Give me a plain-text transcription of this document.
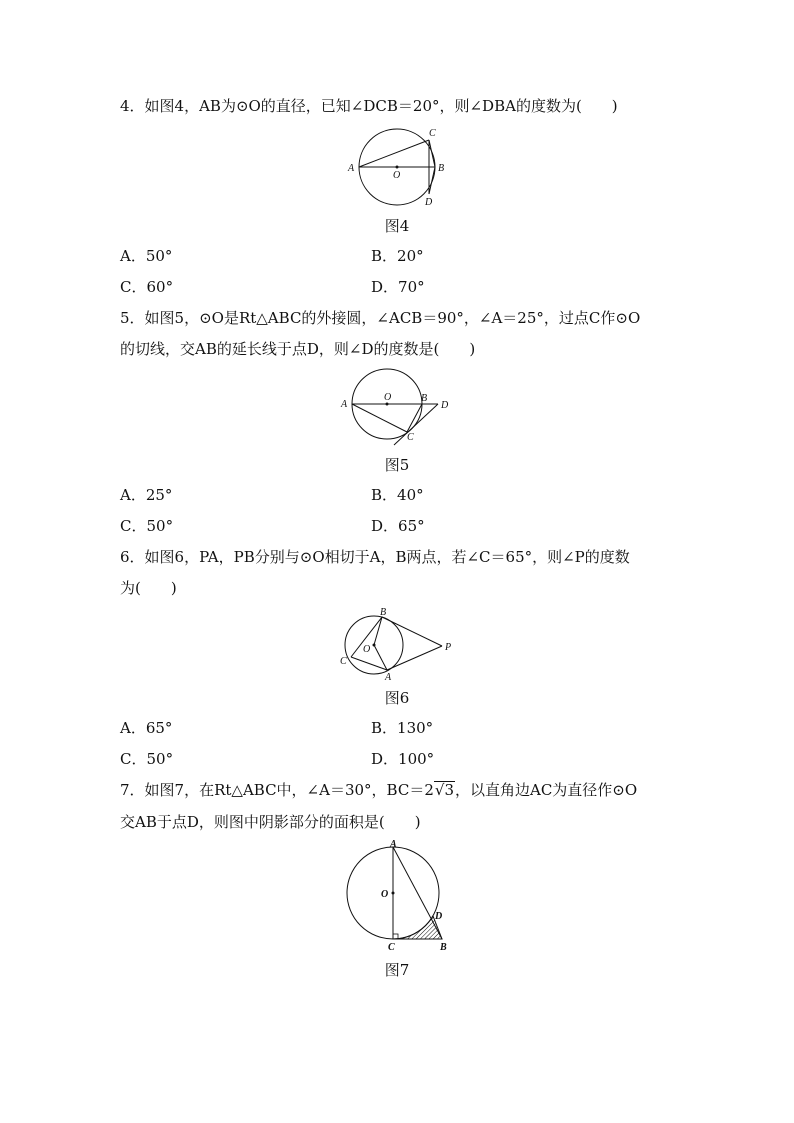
4．如图4，AB为⊙O的直径，已知∠DCB＝20°，则∠DBA的度数为(　　)
A
O
C
B
D
图4
A．50°	B．20°
C．60°	D．70°
5．如图5，⊙O是Rt△ABC的外接圆，∠ACB＝90°，∠A＝25°，过点C作⊙O
的切线，交AB的延长线于点D，则∠D的度数是(　　)
A
O	B
D
C
图5
A．25°	B．40°
C．50°	D．65°
6．如图6，PA，PB分别与⊙O相切于A，B两点，若∠C＝65°，则∠P的度数
为(　　)
B
C
O
A
P
图6
A．65°	B．130°
C．50°	D．100°
7．如图7，在Rt△ABC中，∠A＝30°，BC＝2√3，以直角边AC为直径作⊙O
交AB于点D，则图中阴影部分的面积是(　　)
A
O
D
C	B
图7
